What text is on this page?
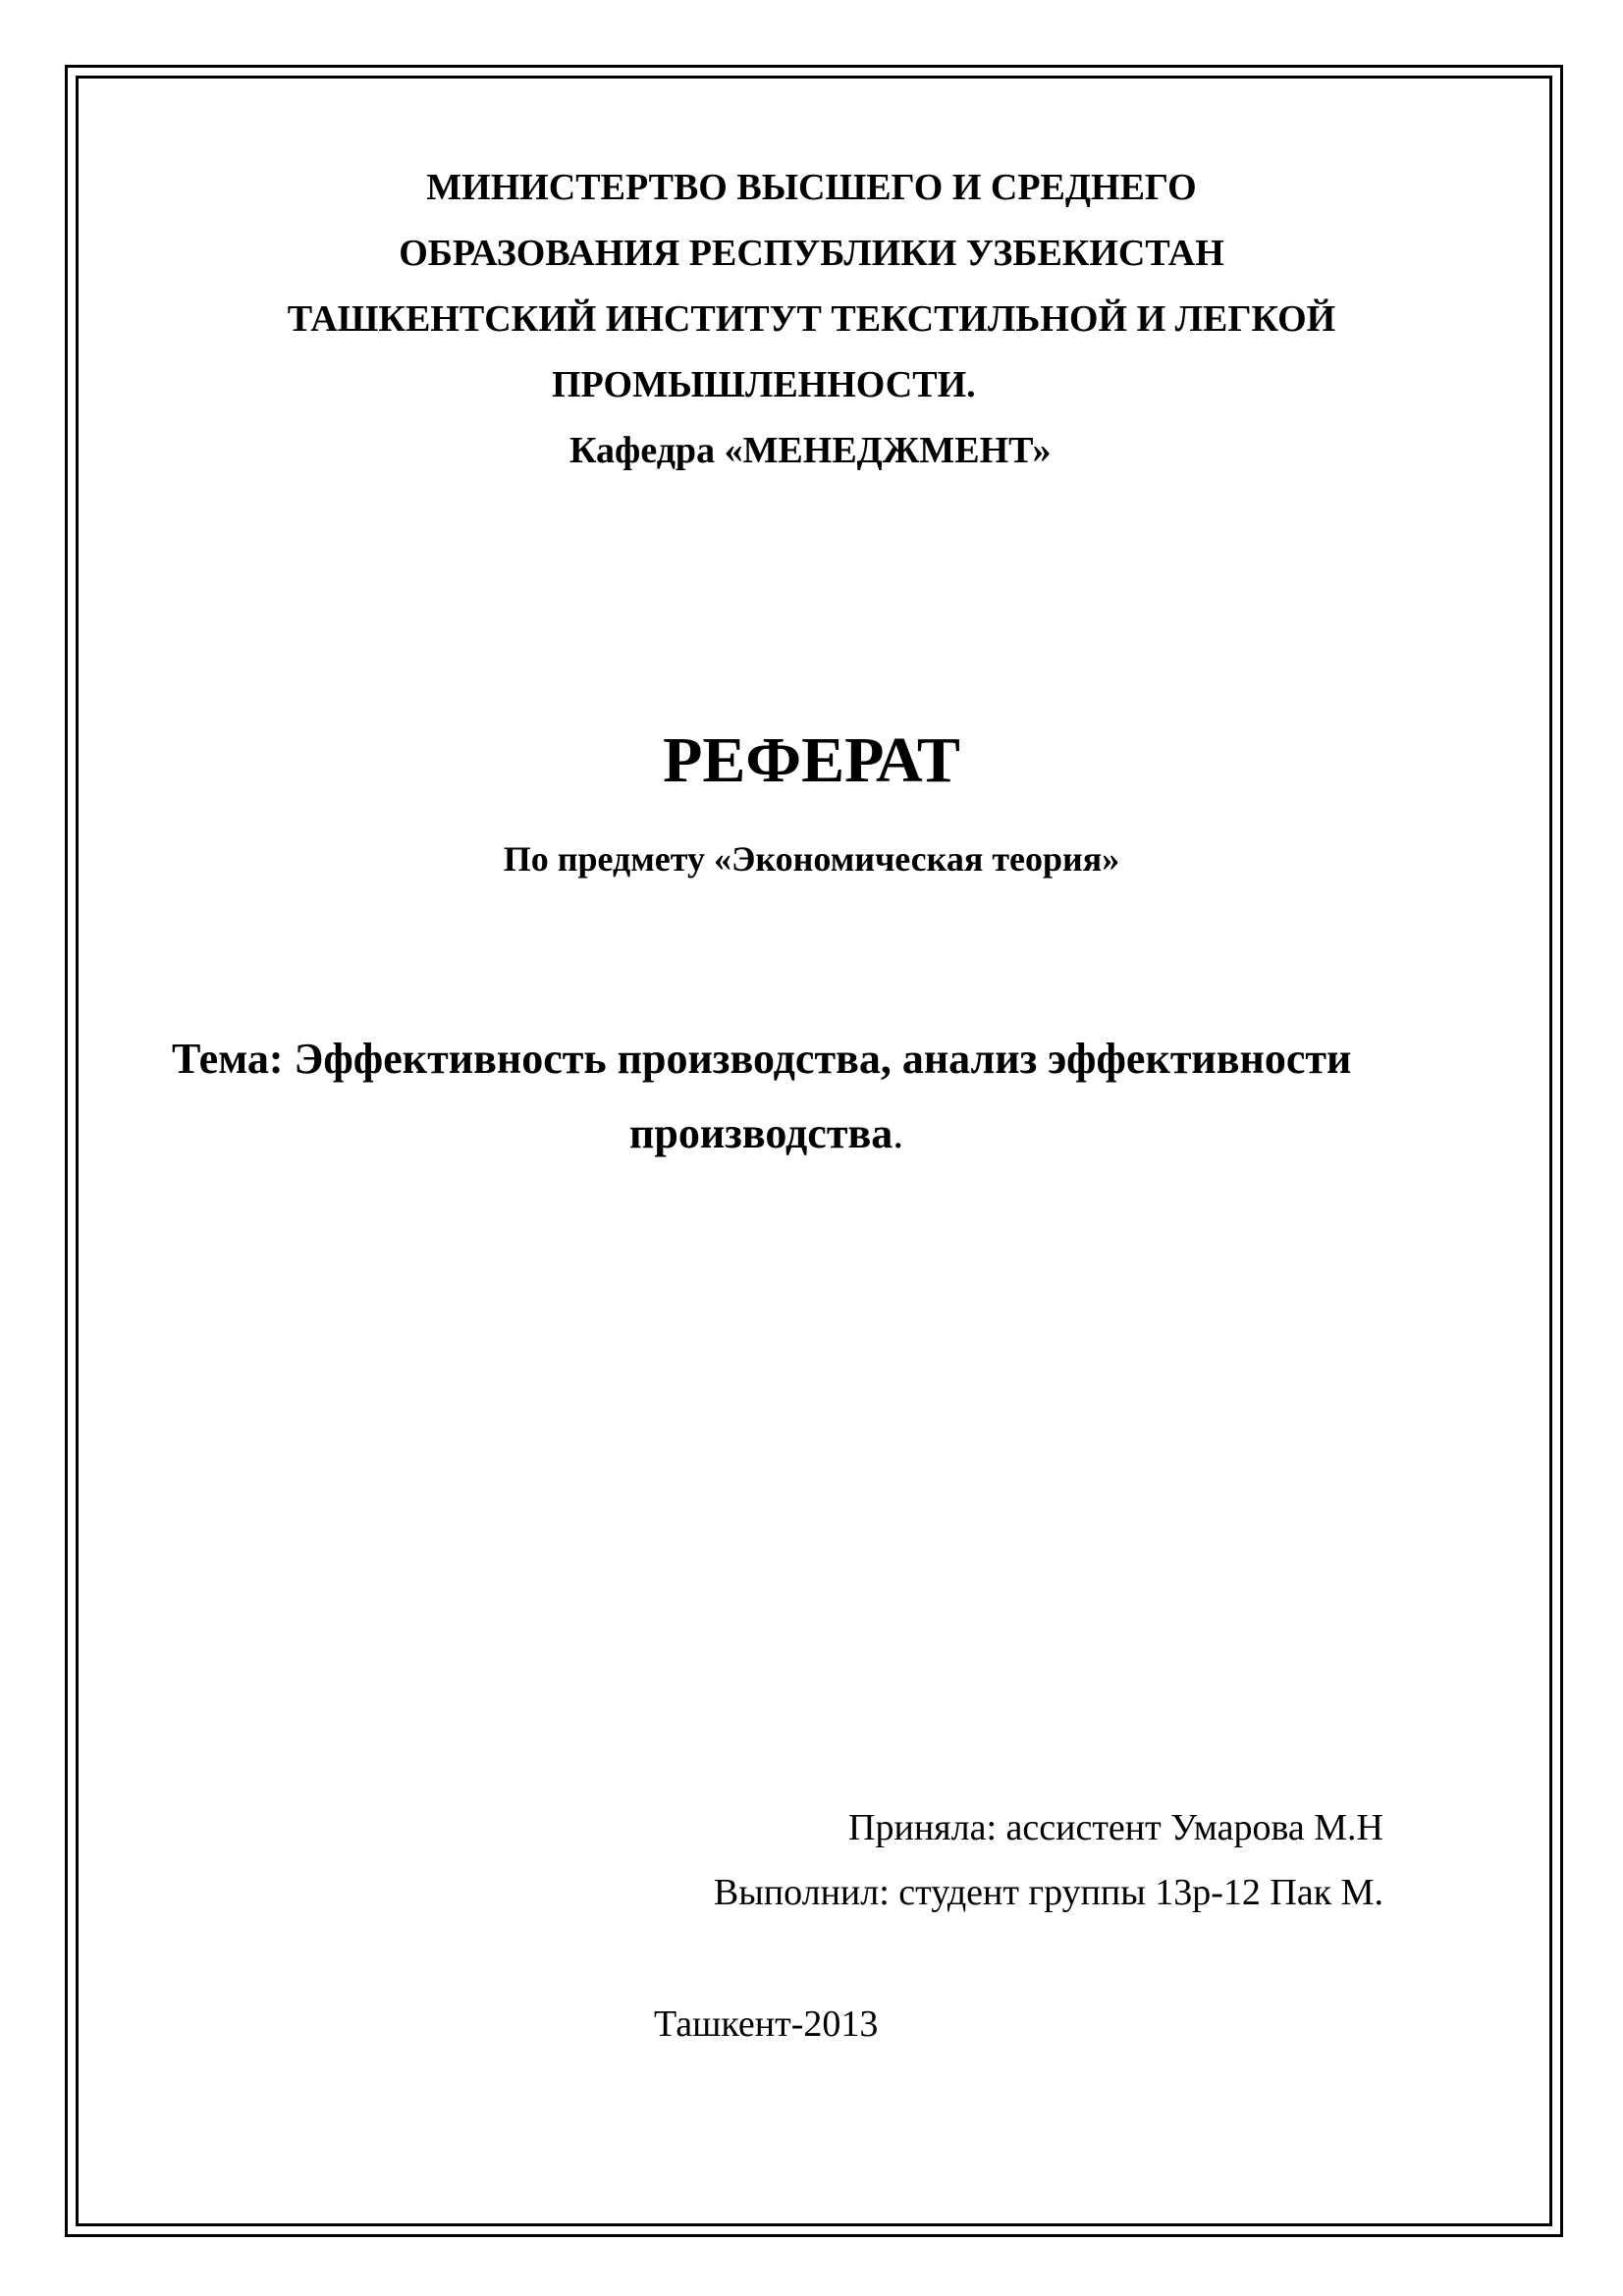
МИНИСТЕРТВО ВЫСШЕГО И СРЕДНЕГО
ОБРАЗОВАНИЯ РЕСПУБЛИКИ УЗБЕКИСТАН
ТАШКЕНТСКИЙ ИНСТИТУТ ТЕКСТИЛЬНОЙ И ЛЕГКОЙ
ПРОМЫШЛЕННОСТИ.
Кафедра «МЕНЕДЖМЕНТ»
РЕФЕРАТ
По предмету «Экономическая теория»
Тема: Эффективность производства, анализ эффективности
производства.
Приняла: ассистент Умарова М.Н
Выполнил: студент группы 13р-12 Пак М.
Ташкент-2013
